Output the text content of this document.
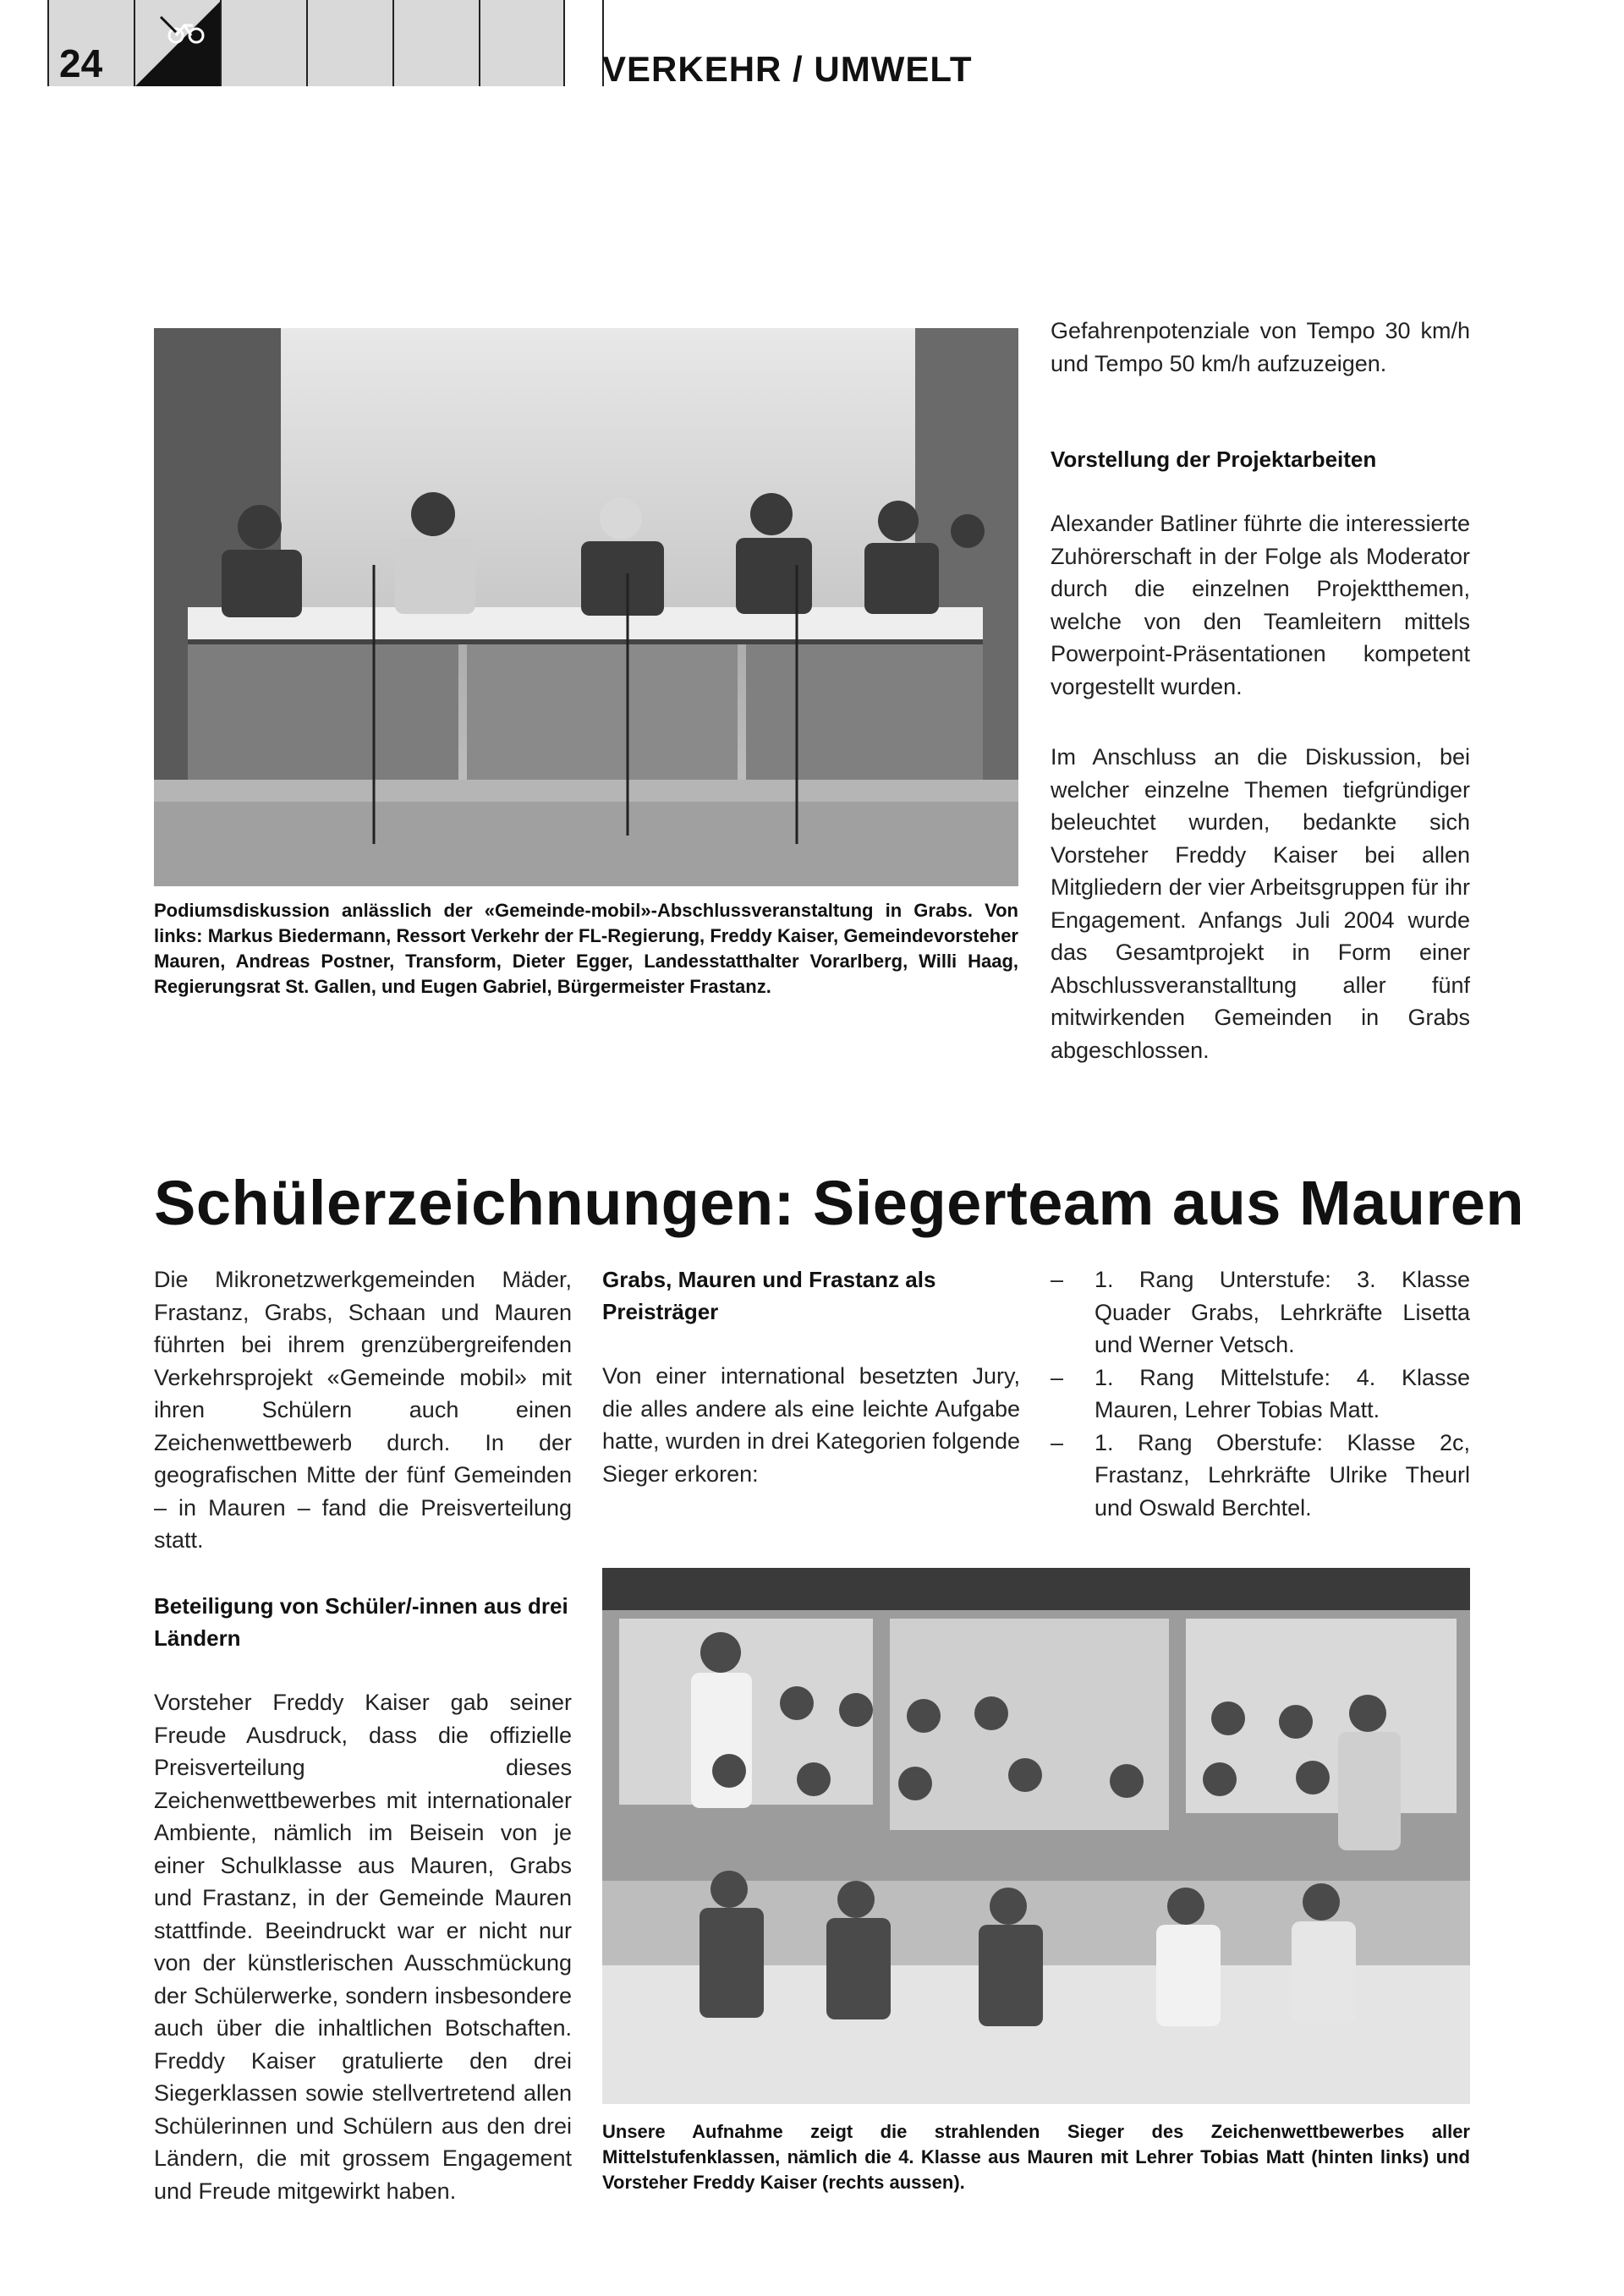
24	VERKEHR / UMWELT
Podiumsdiskussion anlässlich der «Gemeinde-mobil»-Abschlussveranstaltung in Grabs. Von links: Markus Biedermann, Ressort Verkehr der FL-Regierung, Freddy Kaiser, Gemeindevorsteher Mauren, Andreas Postner, Transform, Dieter Egger, Landesstatthalter Vorarlberg, Willi Haag, Regierungsrat St. Gallen, und Eugen Gabriel, Bürgermeister Frastanz.
Gefahrenpotenziale von Tempo 30 km/h und Tempo 50 km/h aufzuzeigen.
Vorstellung der Projektarbeiten
Alexander Batliner führte die interessierte Zuhörerschaft in der Folge als Moderator durch die einzelnen Projektthemen, welche von den Teamleitern mittels Powerpoint-Präsentationen kompetent vorgestellt wurden.
Im Anschluss an die Diskussion, bei welcher einzelne Themen tiefgründiger beleuchtet wurden, bedankte sich Vorsteher Freddy Kaiser bei allen Mitgliedern der vier Arbeitsgruppen für ihr Engagement. Anfangs Juli 2004 wurde das Gesamtprojekt in Form einer Abschlussveranstalltung aller fünf mitwirkenden Gemeinden in Grabs abgeschlossen.
Schülerzeichnungen: Siegerteam aus Mauren
Die Mikronetzwerkgemeinden Mäder, Frastanz, Grabs, Schaan und Mauren führten bei ihrem grenzübergreifenden Verkehrsprojekt «Gemeinde mobil» mit ihren Schülern auch einen Zeichenwettbewerb durch. In der geografischen Mitte der fünf Gemeinden – in Mauren – fand die Preisverteilung statt.
Grabs, Mauren und Frastanz als Preisträger
Von einer international besetzten Jury, die alles andere als eine leichte Aufgabe hatte, wurden in drei Kategorien folgende Sieger erkoren:
–	1. Rang Unterstufe: 3. Klasse Quader Grabs, Lehrkräfte Lisetta und Werner Vetsch.
–	1. Rang Mittelstufe: 4. Klasse Mauren, Lehrer Tobias Matt.
–	1. Rang Oberstufe: Klasse 2c, Frastanz, Lehrkräfte Ulrike Theurl und Oswald Berchtel.
Beteiligung von Schüler/-innen aus drei Ländern
Vorsteher Freddy Kaiser gab seiner Freude Ausdruck, dass die offizielle Preisverteilung dieses Zeichenwettbewerbes mit internationaler Ambiente, nämlich im Beisein von je einer Schulklasse aus Mauren, Grabs und Frastanz, in der Gemeinde Mauren stattfinde. Beeindruckt war er nicht nur von der künstlerischen Ausschmückung der Schülerwerke, sondern insbesondere auch über die inhaltlichen Botschaften. Freddy Kaiser gratulierte den drei Siegerklassen sowie stellvertretend allen Schülerinnen und Schülern aus den drei Ländern, die mit grossem Engagement und Freude mitgewirkt haben.
Unsere Aufnahme zeigt die strahlenden Sieger des Zeichenwettbewerbes aller Mittelstufenklassen, nämlich die 4. Klasse aus Mauren mit Lehrer Tobias Matt (hinten links) und Vorsteher Freddy Kaiser (rechts aussen).
